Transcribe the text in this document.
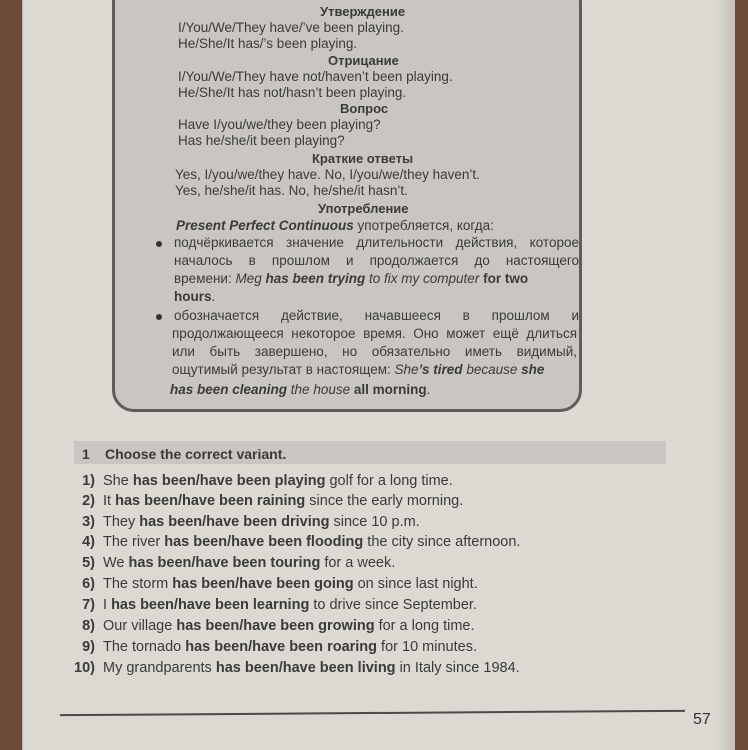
Утверждение
I/You/We/They have/’ve been playing.
He/She/It has/’s been playing.
Отрицание
I/You/We/They have not/haven’t been playing.
He/She/It has not/hasn’t been playing.
Вопрос
Have I/you/we/they been playing?
Has he/she/it been playing?
Краткие ответы
Yes, I/you/we/they have. No, I/you/we/they haven’t.
Yes, he/she/it has. No, he/she/it hasn’t.
Употребление
Present Perfect Continuous употребляется, когда:
подчёркивается значение длительности действия, которое
началось в прошлом и продолжается до настоящего
времени: Meg has been trying to fix my computer for two
hours.
обозначается действие, начавшееся в прошлом и
продолжающееся некоторое время. Оно может ещё длиться
или быть завершено, но обязательно иметь видимый,
ощутимый результат в настоящем: She’s tired because she
has been cleaning the house all morning.
1 Choose the correct variant.
1) She has been/have been playing golf for a long time.
2) It has been/have been raining since the early morning.
3) They has been/have been driving since 10 p.m.
4) The river has been/have been flooding the city since afternoon.
5) We has been/have been touring for a week.
6) The storm has been/have been going on since last night.
7) I has been/have been learning to drive since September.
8) Our village has been/have been growing for a long time.
9) The tornado has been/have been roaring for 10 minutes.
10) My grandparents has been/have been living in Italy since 1984.
57
